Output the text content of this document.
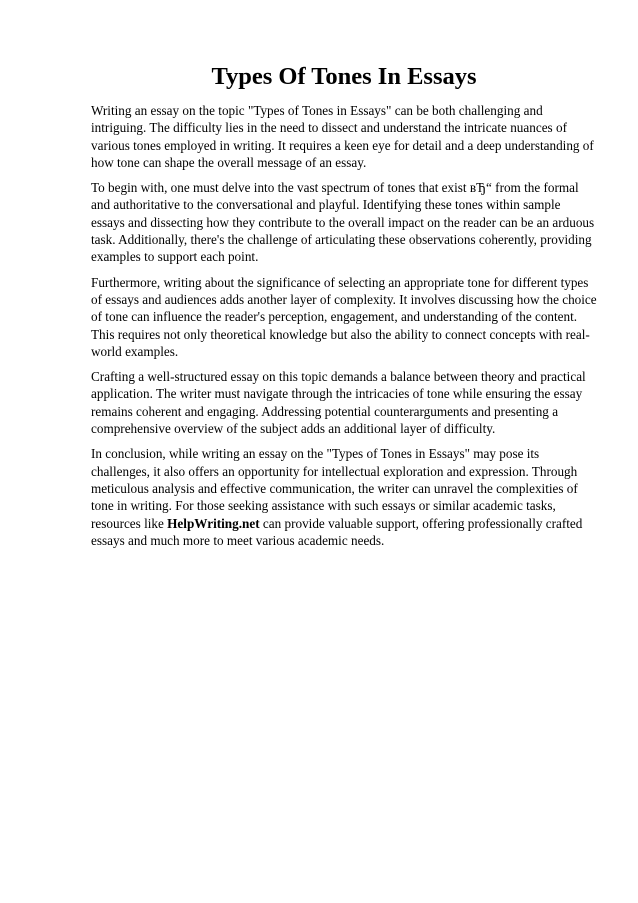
Types Of Tones In Essays

Writing an essay on the topic "Types of Tones in Essays" can be both challenging and intriguing. The difficulty lies in the need to dissect and understand the intricate nuances of various tones employed in writing. It requires a keen eye for detail and a deep understanding of how tone can shape the overall message of an essay.

To begin with, one must delve into the vast spectrum of tones that exist вЂ“ from the formal and authoritative to the conversational and playful. Identifying these tones within sample essays and dissecting how they contribute to the overall impact on the reader can be an arduous task. Additionally, there's the challenge of articulating these observations coherently, providing examples to support each point.

Furthermore, writing about the significance of selecting an appropriate tone for different types of essays and audiences adds another layer of complexity. It involves discussing how the choice of tone can influence the reader's perception, engagement, and understanding of the content. This requires not only theoretical knowledge but also the ability to connect concepts with real-world examples.

Crafting a well-structured essay on this topic demands a balance between theory and practical application. The writer must navigate through the intricacies of tone while ensuring the essay remains coherent and engaging. Addressing potential counterarguments and presenting a comprehensive overview of the subject adds an additional layer of difficulty.

In conclusion, while writing an essay on the "Types of Tones in Essays" may pose its challenges, it also offers an opportunity for intellectual exploration and expression. Through meticulous analysis and effective communication, the writer can unravel the complexities of tone in writing. For those seeking assistance with such essays or similar academic tasks, resources like HelpWriting.net can provide valuable support, offering professionally crafted essays and much more to meet various academic needs.
